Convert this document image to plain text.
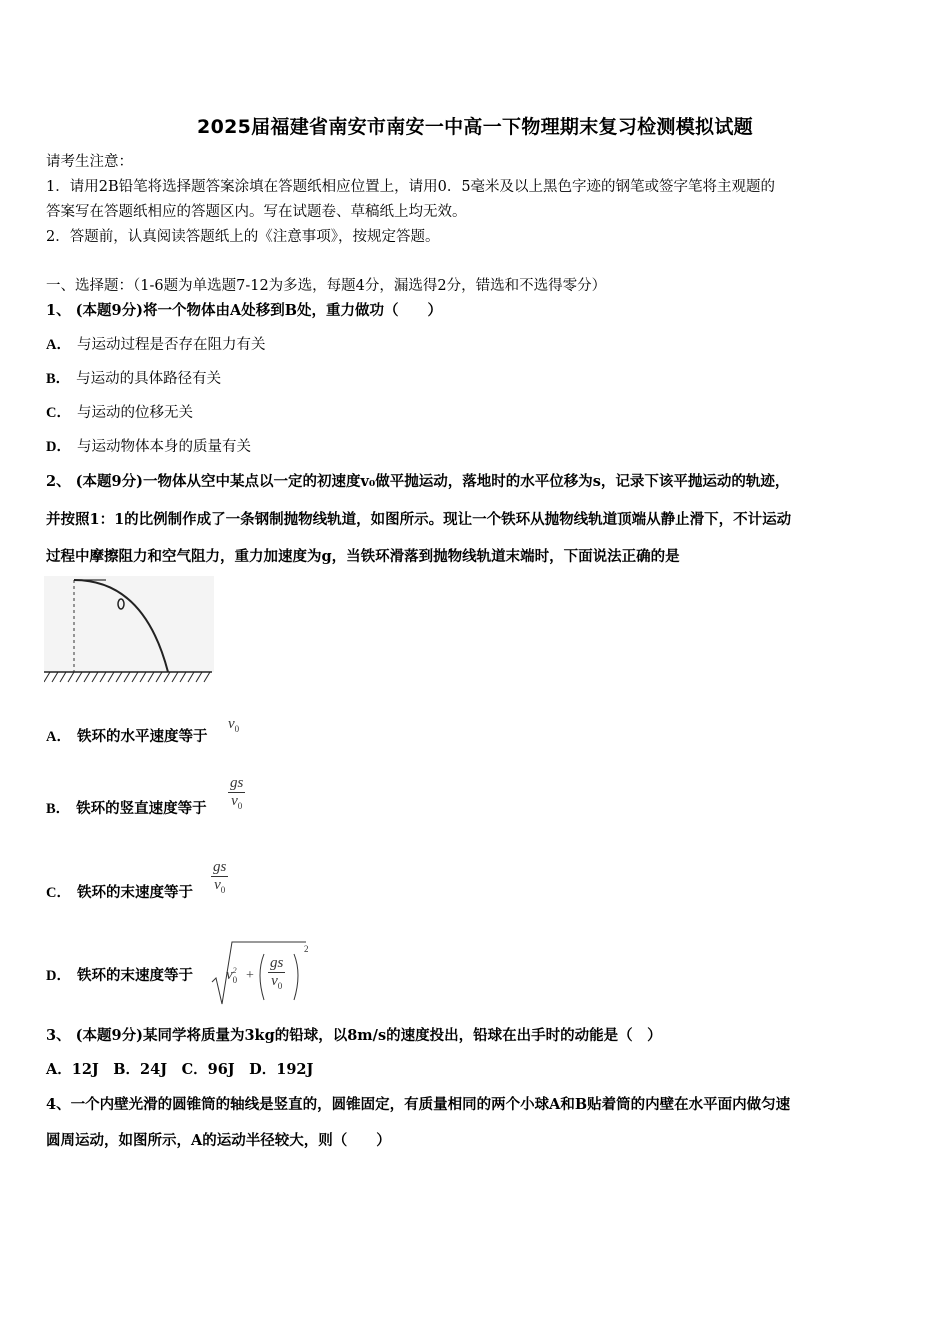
2025届福建省南安市南安一中高一下物理期末复习检测模拟试题
请考生注意：
1．请用2B铅笔将选择题答案涂填在答题纸相应位置上，请用0．5毫米及以上黑色字迹的钢笔或签字笔将主观题的
答案写在答题纸相应的答题区内。写在试题卷、草稿纸上均无效。
2．答题前，认真阅读答题纸上的《注意事项》，按规定答题。
一、选择题：（1-6题为单选题7-12为多选，每题4分，漏选得2分，错选和不选得零分）
1、 (本题9分)将一个物体由A处移到B处，重力做功（　　）
A． 与运动过程是否存在阻力有关
B． 与运动的具体路径有关
C． 与运动的位移无关
D． 与运动物体本身的质量有关
2、 (本题9分)一物体从空中某点以一定的初速度v₀做平抛运动，落地时的水平位移为s，记录下该平抛运动的轨迹，
并按照1：1的比例制作成了一条钢制抛物线轨道，如图所示。现让一个铁环从抛物线轨道顶端从静止滑下，不计运动
过程中摩擦阻力和空气阻力，重力加速度为g，当铁环滑落到抛物线轨道末端时，下面说法正确的是
A． 铁环的水平速度等于
$v_0$
B． 铁环的竖直速度等于 $\frac{gs}{v_0}$
C． 铁环的末速度等于 $\frac{gs}{v_0}$
D． 铁环的末速度等于 $v^2_0 + \frac{gs}{v_0}$
2
3、 (本题9分)某同学将质量为3kg的铅球，以8m/s的速度投出，铅球在出手时的动能是（　）
A．12J　B．24J　C．96J　D．192J
4、一个内壁光滑的圆锥筒的轴线是竖直的，圆锥固定，有质量相同的两个小球A和B贴着筒的内壁在水平面内做匀速
圆周运动，如图所示，A的运动半径较大，则（　　）
